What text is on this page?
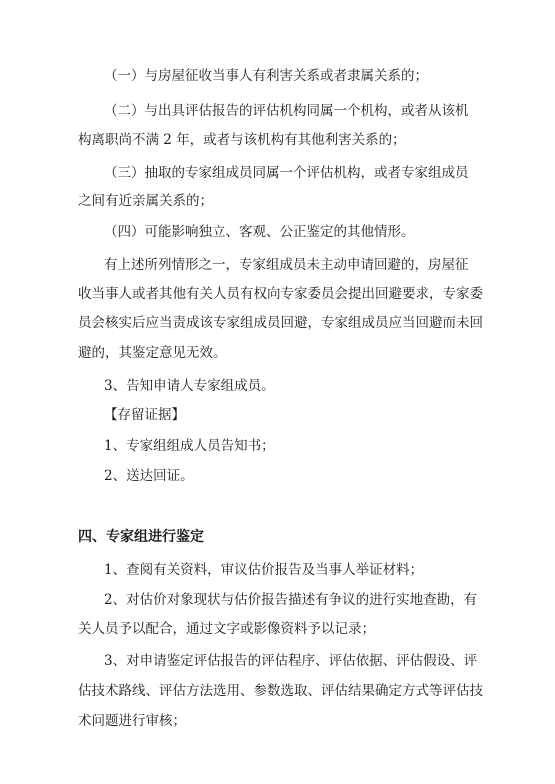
（一）与房屋征收当事人有利害关系或者隶属关系的；
（二）与出具评估报告的评估机构同属一个机构，或者从该机
构离职尚不满 2 年，或者与该机构有其他利害关系的；
（三）抽取的专家组成员同属一个评估机构，或者专家组成员
之间有近亲属关系的；
（四）可能影响独立、客观、公正鉴定的其他情形。
有上述所列情形之一，专家组成员未主动申请回避的，房屋征
收当事人或者其他有关人员有权向专家委员会提出回避要求，专家委
员会核实后应当责成该专家组成员回避，专家组成员应当回避而未回
避的，其鉴定意见无效。
3、告知申请人专家组成员。
【存留证据】
1、专家组组成人员告知书；
2、送达回证。
四、专家组进行鉴定
1、查阅有关资料，审议估价报告及当事人举证材料；
2、对估价对象现状与估价报告描述有争议的进行实地查勘，有
关人员予以配合，通过文字或影像资料予以记录；
3、对申请鉴定评估报告的评估程序、评估依据、评估假设、评
估技术路线、评估方法选用、参数选取、评估结果确定方式等评估技
术问题进行审核；
